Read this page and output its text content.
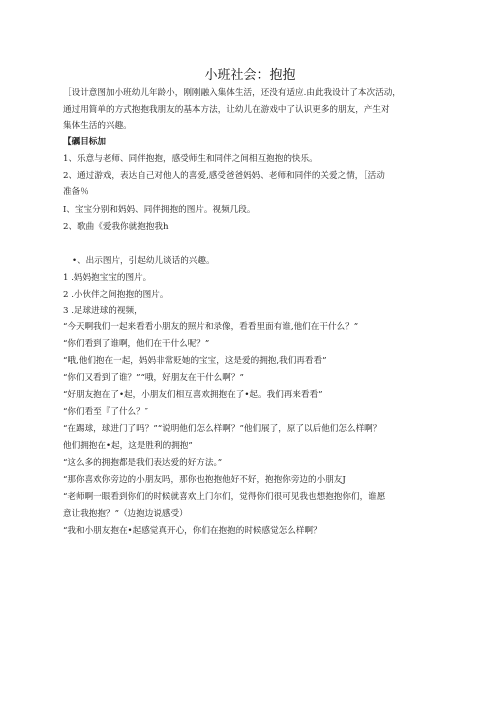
小班社会：抱抱
［设计意图加小班幼儿年龄小，刚刚融入集体生活，还没有适应.由此我设计了本次活动，
通过用简单的方式抱抱我朋友的基本方法，让幼儿在游戏中了认识更多的朋友，产生对
集体生活的兴趣。
【礪目标加
1、乐意与老师、同伴抱抱，感受师生和同伴之间相互抱抱的快乐。
2、通过游戏，表达自己对他人的喜爱,感受爸爸妈妈、老师和同伴的关爱之情，［活动
准备％
I、宝宝分别和妈妈、同伴拥抱的图片。视频几段。
2、歌曲《爱我你就抱抱我h
•、出示图片，引起幼儿谈话的兴趣。
1 .妈妈抱宝宝的图片。
2 .小伙伴之间抱抱的图片。
3 .足球进球的视频，
“今天啊我们一起来看看小朋友的照片和录像，看看里面有谁,他们在干什么？”
“你们看到了谁啊，他们在干什么呢？”
“哦,他们抱在一起，妈妈非常贬她的宝宝，这是爱的拥抱,我们再看看”
“你们又看到了谁？”“哦，好朋友在干什么啊？”
“好朋友抱在了•起，小朋友们相互喜欢拥抱在了•起。我们再来看看”
“你们看至『了什么？″
“在踢球，球进门了吗？”“说明他们怎么样啊？”他们展了，原了以后他们怎么样啊？
他们拥抱在•起，这是胜利的拥抱”
“这么多的拥抱都是我们表达爱的好方法。”
“那你喜欢你旁边的小朋友吗，那你也抱抱他好不好，抱抱你旁边的小朋友J
“老师啊一眼看到你们的时候就喜欢上门尔们，觉得你们很可见我也想抱抱你们，谁愿
意让我抱抱？”（边抱边说感受）
“我和小朋友抱在•起感觉真开心，你们在抱抱的时候感觉怎么样啊？
